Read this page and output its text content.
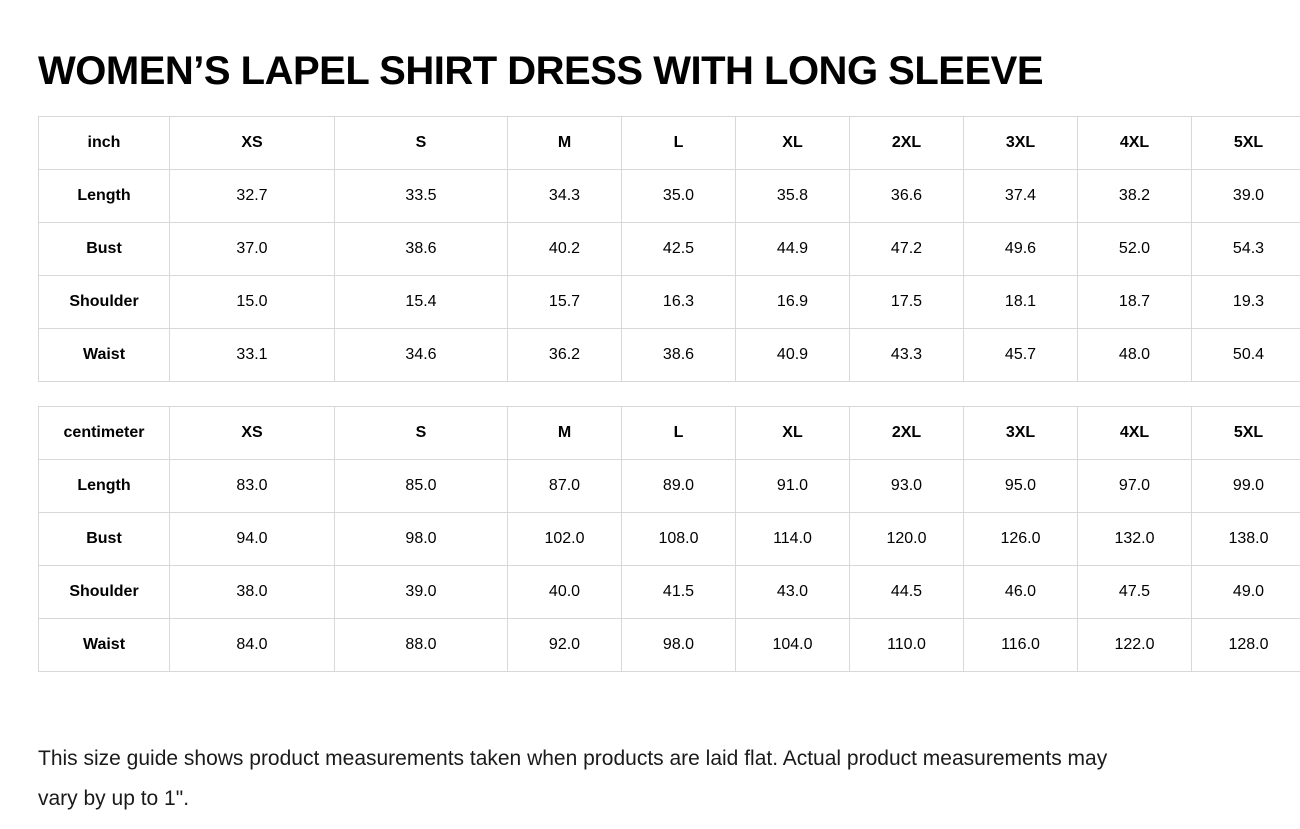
WOMEN’S LAPEL SHIRT DRESS WITH LONG SLEEVE
inch	XS	S	M	L	XL	2XL	3XL	4XL	5XL
Length	32.7	33.5	34.3	35.0	35.8	36.6	37.4	38.2	39.0
Bust	37.0	38.6	40.2	42.5	44.9	47.2	49.6	52.0	54.3
Shoulder	15.0	15.4	15.7	16.3	16.9	17.5	18.1	18.7	19.3
Waist	33.1	34.6	36.2	38.6	40.9	43.3	45.7	48.0	50.4
centimeter	XS	S	M	L	XL	2XL	3XL	4XL	5XL
Length	83.0	85.0	87.0	89.0	91.0	93.0	95.0	97.0	99.0
Bust	94.0	98.0	102.0	108.0	114.0	120.0	126.0	132.0	138.0
Shoulder	38.0	39.0	40.0	41.5	43.0	44.5	46.0	47.5	49.0
Waist	84.0	88.0	92.0	98.0	104.0	110.0	116.0	122.0	128.0

This size guide shows product measurements taken when products are laid flat. Actual product measurements may vary by up to 1".
